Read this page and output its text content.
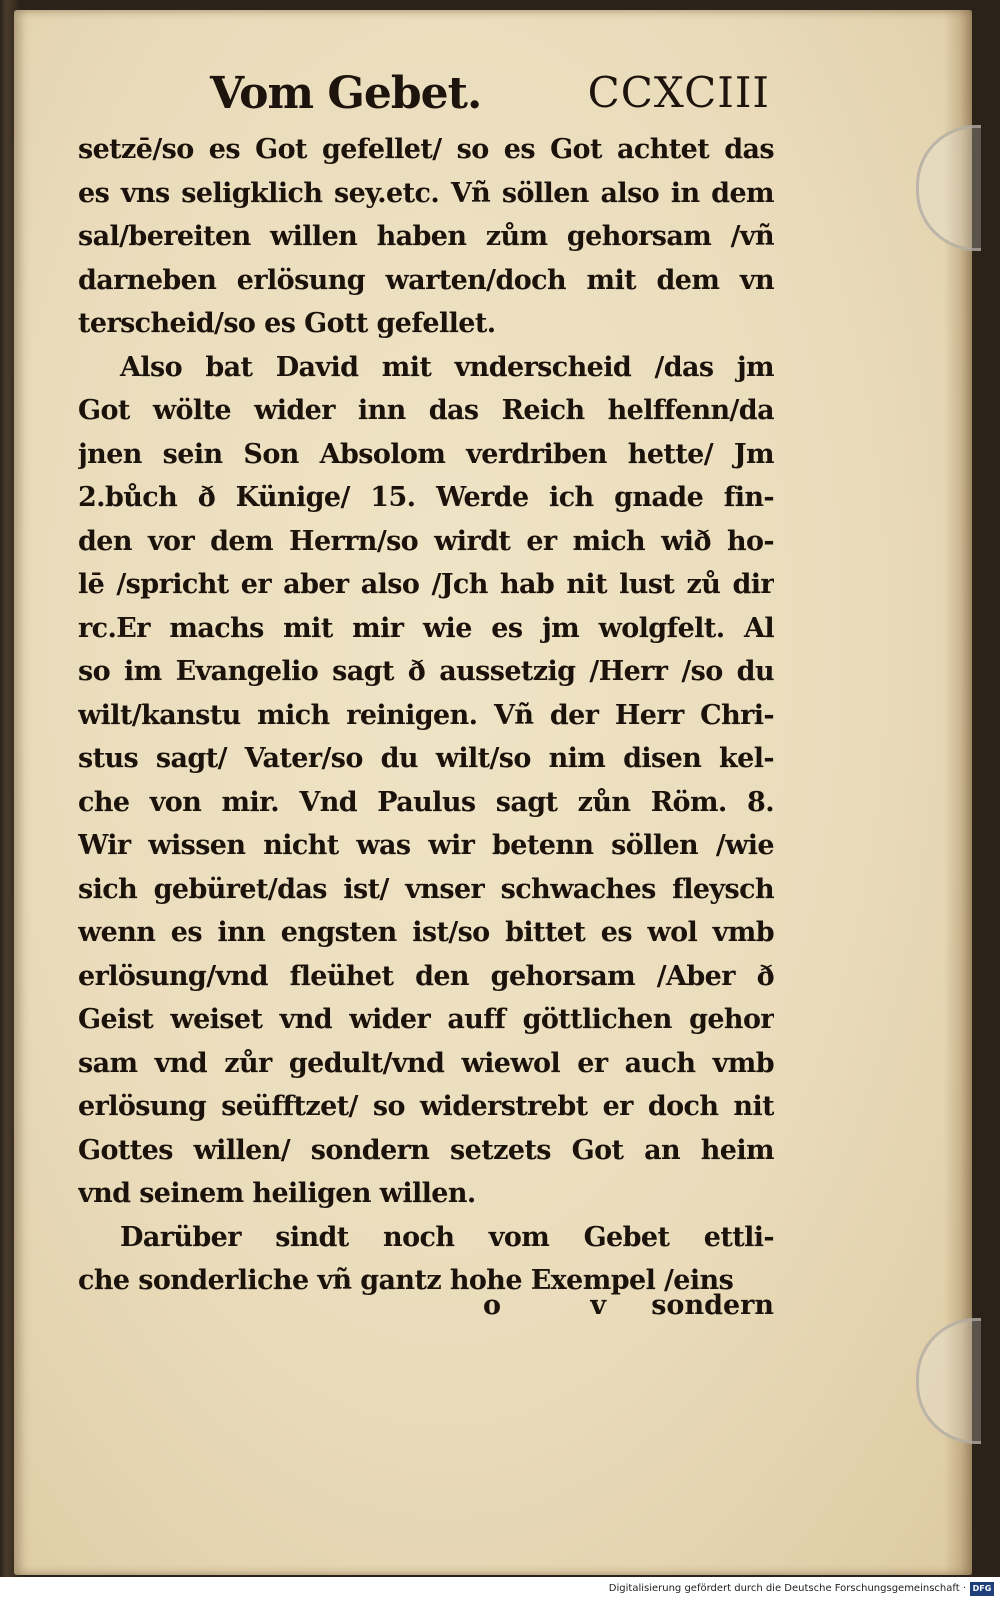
Vom Gebet.	CCXCIII
setzē/so es Got gefellet/ so es Got achtet das
es vns seligklich sey.etc. Vñ söllen also in dem
sal/bereiten willen haben zům gehorsam /vñ
darneben erlösung warten/doch mit dem vn
terscheid/so es Gott gefellet.
Also bat David mit vnderscheid /das jm
Got wölte wider inn das Reich helffenn/da
jnen sein Son Absolom verdriben hette/ Jm
2.bůch ð Künige/ 15. Werde ich gnade fin-
den vor dem Herrn/so wirdt er mich wið ho-
lē /spricht er aber also /Jch hab nit lust zů dir
rc.Er machs mit mir wie es jm wolgfelt. Al
so im Evangelio sagt ð aussetzig /Herr /so du
wilt/kanstu mich reinigen. Vñ der Herr Chri-
stus sagt/ Vater/so du wilt/so nim disen kel-
che von mir. Vnd Paulus sagt zůn Röm. 8.
Wir wissen nicht was wir betenn söllen /wie
sich gebüret/das ist/ vnser schwaches fleysch
wenn es inn engsten ist/so bittet es wol vmb
erlösung/vnd fleühet den gehorsam /Aber ð
Geist weiset vnd wider auff göttlichen gehor
sam vnd zůr gedult/vnd wiewol er auch vmb
erlösung seüfftzet/ so widerstrebt er doch nit
Gottes willen/ sondern setzets Got an heim
vnd seinem heiligen willen.
Darüber sindt noch vom Gebet ettli-
che sonderliche vñ gantz hohe Exempel /eins
o v sondern
Digitalisierung gefördert durch die Deutsche Forschungsgemeinschaft · DFG
